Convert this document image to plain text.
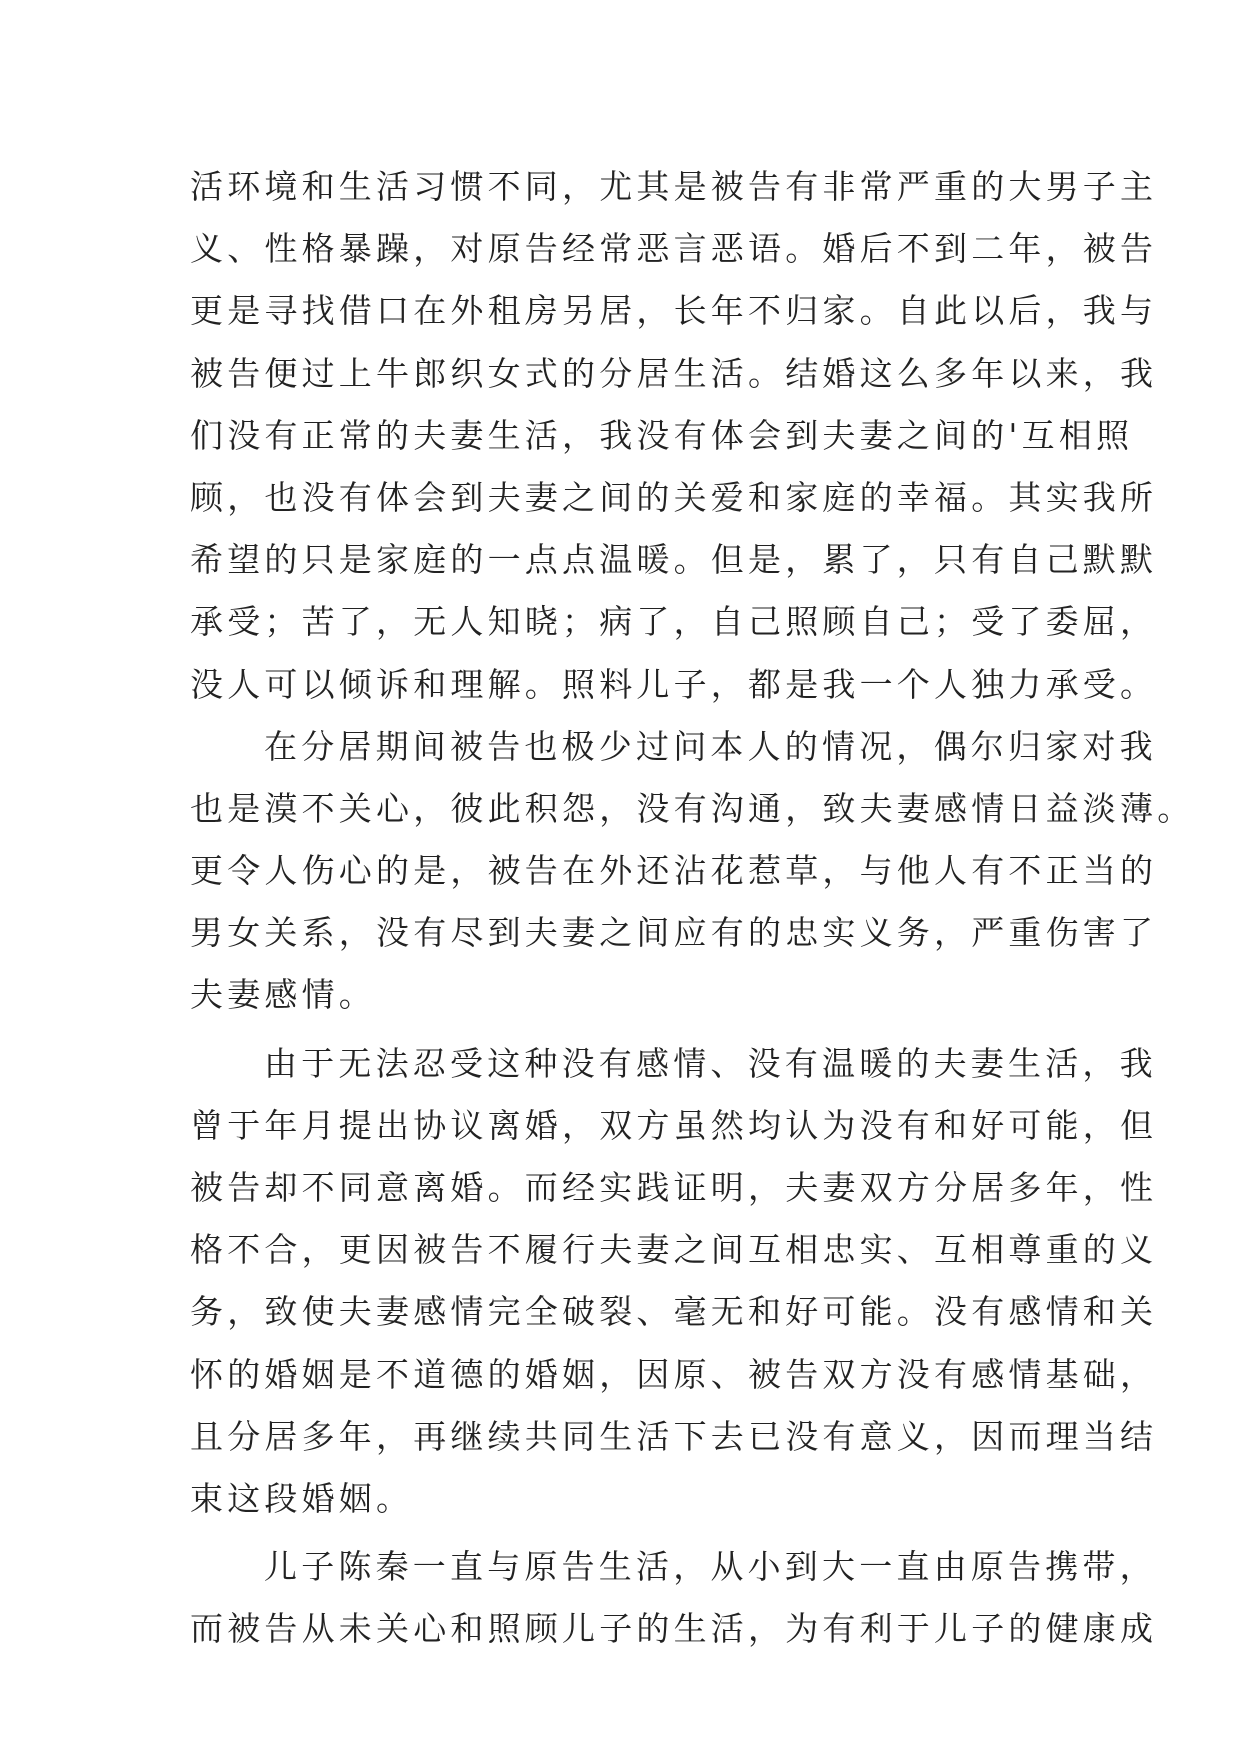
活环境和生活习惯不同，尤其是被告有非常严重的大男子主
义、性格暴躁，对原告经常恶言恶语。婚后不到二年，被告
更是寻找借口在外租房另居，长年不归家。自此以后，我与
被告便过上牛郎织女式的分居生活。结婚这么多年以来，我
们没有正常的夫妻生活，我没有体会到夫妻之间的'互相照
顾，也没有体会到夫妻之间的关爱和家庭的幸福。其实我所
希望的只是家庭的一点点温暖。但是，累了，只有自己默默
承受；苦了，无人知晓；病了，自己照顾自己；受了委屈，
没人可以倾诉和理解。照料儿子，都是我一个人独力承受。
在分居期间被告也极少过问本人的情况，偶尔归家对我
也是漠不关心，彼此积怨，没有沟通，致夫妻感情日益淡薄。
更令人伤心的是，被告在外还沾花惹草，与他人有不正当的
男女关系，没有尽到夫妻之间应有的忠实义务，严重伤害了
夫妻感情。
由于无法忍受这种没有感情、没有温暖的夫妻生活，我
曾于年月提出协议离婚，双方虽然均认为没有和好可能，但
被告却不同意离婚。而经实践证明，夫妻双方分居多年，性
格不合，更因被告不履行夫妻之间互相忠实、互相尊重的义
务，致使夫妻感情完全破裂、毫无和好可能。没有感情和关
怀的婚姻是不道德的婚姻，因原、被告双方没有感情基础，
且分居多年，再继续共同生活下去已没有意义，因而理当结
束这段婚姻。
儿子陈秦一直与原告生活，从小到大一直由原告携带，
而被告从未关心和照顾儿子的生活，为有利于儿子的健康成
